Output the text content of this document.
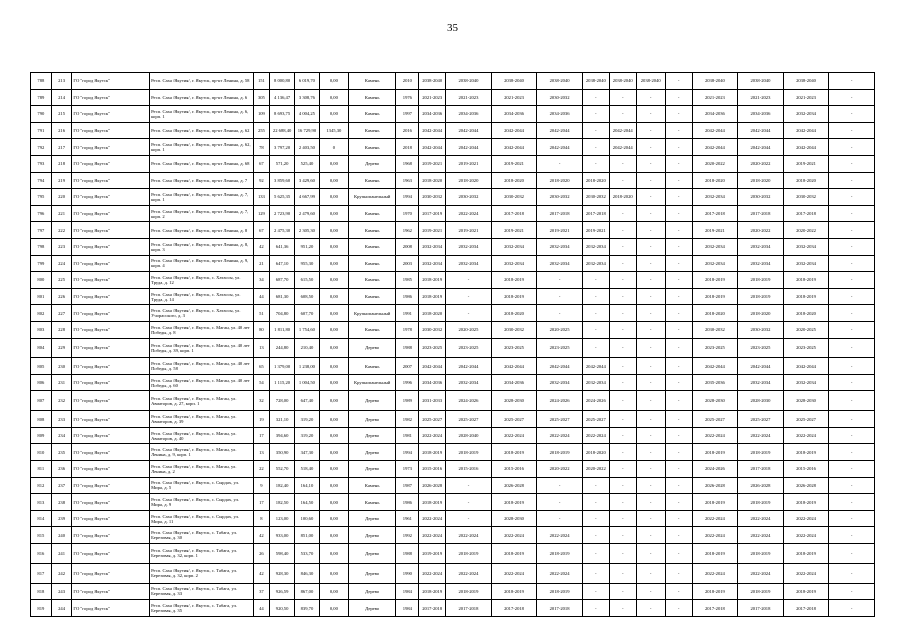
35
788	213	ГО "город Якутск"	Респ. Саха /Якутия/, г. Якутск, пр-кт Ленина, д. 58	151	8 000,80	6 019,70	0,00	Камень	2010	2038-2040	2038-2040	2038-2040	2038-2040	2038-2040	2038-2040	2038-2040	-	2038-2040	2038-2040	2038-2040	-
789	214	ГО "город Якутск"	Респ. Саха /Якутия/, г. Якутск, пр-кт Ленина, д. 6	305	4 136,47	3 308,76	0,00	Камень	1976	2021-2023	2021-2023	2021-2023	2030-2032	-	-	-	-	2021-2023	2021-2023	2021-2023	-
790	215	ГО "город Якутск"	Респ. Саха /Якутия/, г. Якутск, пр-кт Ленина, д. 6, корп. 1	109	8 693,75	4 004,25	0,00	Камень	1997	2034-2036	2034-2036	2034-2036	2034-2036	-	-	-	-	2034-2036	2034-2036	2032-2034	-
791	216	ГО "город Якутск"	Респ. Саха /Якутия/, г. Якутск, пр-кт Ленина, д. 62	255	22 688,40	16 729,90	1345,30	Камень	2016	2042-2044	2042-2044	2042-2044	2042-2044	-	2042-2044	-	-	2042-2044	2042-2044	2042-2044	-
792	217	ГО "город Якутск"	Респ. Саха /Якутия/, г. Якутск, пр-кт Ленина, д. 62, корп. 1	78	3 797,20	2 403,50	0	Камень	2018	2042-2044	2042-2044	2042-2044	2042-2044	-	2042-2044	-	-	2042-2044	2042-2044	2042-2044	-
793	218	ГО "город Якутск"	Респ. Саха /Якутия/, г. Якутск, пр-кт Ленина, д. 68	67	571,20	525,40	0,00	Дерево	1968	2019-2021	2019-2021	2019-2021	-	-	-	-	-	2020-2022	2020-2022	2019-2021	-
794	219	ГО "город Якутск"	Респ. Саха /Якутия/, г. Якутск, пр-кт Ленина, д. 7	92	3 859,60	3 429,60	0,00	Камень	1963	2018-2020	2018-2020	2018-2020	2018-2020	2018-2020	-	-	-	2018-2020	2018-2020	2018-2020	-
795	220	ГО "город Якутск"	Респ. Саха /Якутия/, г. Якутск, пр-кт Ленина, д. 7, корп. 1	133	5 625,35	4 667,99	0,00	Крупнопанельный	1994	2030-2032	2030-2032	2030-2032	2030-2032	2030-2032	2018-2020	-	-	2032-2034	2030-2032	2030-2032	-
796	221	ГО "город Якутск"	Респ. Саха /Якутия/, г. Якутск, пр-кт Ленина, д. 7, корп. 2	129	2 723,90	2 479,60	0,00	Камень	1970	2017-2019	2022-2024	2017-2018	2017-2018	2017-2018	-	-	-	2017-2018	2017-2018	2017-2018	-
797	222	ГО "город Якутск"	Респ. Саха /Якутия/, г. Якутск, пр-кт Ленина, д. 8	67	2 475,30	2 305,30	0,00	Камень	1962	2019-2021	2019-2021	2019-2021	2019-2021	2019-2021	-	-	-	2019-2021	2020-2022	2020-2022	-
798	223	ГО "город Якутск"	Респ. Саха /Якутия/, г. Якутск, пр-кт Ленина, д. 8, корп. 3	42	641,36	951,20	0,00	Камень	2008	2032-2034	2032-2034	2032-2034	2032-2034	2032-2034	-	-	-	2032-2034	2032-2034	2032-2034	-
799	224	ГО "город Якутск"	Респ. Саха /Якутия/, г. Якутск, пр-кт Ленина, д. 9, корп. 4	21	647,10	955,30	0,00	Камень	2003	2032-2034	2032-2034	2032-2034	2032-2034	2032-2034	-	-	-	2032-2034	2032-2034	2032-2034	-
800	225	ГО "город Якутск"	Респ. Саха /Якутия/, г. Якутск, с. Хатассы, ул. Трудa, д. 12	34	687,70	615,50	0,00	Камень	1985	2018-2019	-	2018-2019	-	-	-	-	-	2018-2019	2018-2019	2018-2019	-
801	226	ГО "город Якутск"	Респ. Саха /Якутия/, г. Якутск, с. Хатассы, ул. Трудa, д. 14	44	681,30	608,50	0,00	Камень	1986	2018-2019	-	2018-2019	-	-	-	-	-	2018-2019	2018-2019	2018-2019	-
802	227	ГО "город Якутск"	Респ. Саха /Якутия/, г. Якутск, с. Хатассы, ул. Учорасского, д. 3	51	704,80	607,70	0,00	Крупнопанельный	1991	2018-2020	-	2018-2020	-	-	-	-	-	2018-2020	2018-2020	2018-2020	-
803	228	ГО "город Якутск"	Респ. Саха /Якутия/, г. Якутск, с. Маган, ул. 40 лет Победы, д. 8	80	1 811,80	1 754,60	0,00	Камень	1978	2030-2032	2020-2025	2030-2032	2020-2025	-	-	-	-	2030-2032	2030-2032	2020-2025	-
804	229	ГО "город Якутск"	Респ. Саха /Якутия/, г. Якутск, с. Маган, ул. 40 лет Победы, д. 39, корп. 1	13	244,80	210,40	0,00	Дерево	1988	2023-2025	2023-2025	2023-2025	2023-2025	-	-	-	-	2023-2025	2023-2025	2023-2025	-
805	230	ГО "город Якутск"	Респ. Саха /Якутия/, г. Якутск, с. Маган, ул. 40 лет Победы, д. 58	65	1 379,00	1 238,00	0,00	Камень	2007	2042-2044	2042-2044	2042-2044	2042-2044	2042-2044	-	-	-	2042-2044	2042-2044	2042-2044	-
806	231	ГО "город Якутск"	Респ. Саха /Якутия/, г. Якутск, с. Маган, ул. 40 лет Победы, д. 60	54	1 115,20	1 004,50	0,00	Крупнопанельный	1996	2034-2036	2032-2034	2034-2036	2032-2034	2032-2034	-	-	-	2035-2036	2032-2034	2032-2034	-
807	232	ГО "город Якутск"	Респ. Саха /Якутия/, г. Якутск, с. Маган, ул. Авиаторов, д. 27, корп. 1	32	728,00	647,40	0,00	Дерево	1989	2031-2033	2024-2026	2028-2030	2024-2026	2024-2026	-	-	-	2028-2030	2028-2030	2028-2030	-
808	233	ГО "город Якутск"	Респ. Саха /Якутия/, г. Якутск, с. Маган, ул. Авиаторов, д. 39	19	321,10	319,20	0,00	Дерево	1982	2025-2027	2025-2027	2025-2027	2025-2027	2025-2027	-	-	-	2025-2027	2025-2027	2025-2027	-
809	234	ГО "город Якутск"	Респ. Саха /Якутия/, г. Якутск, с. Маган, ул. Авиаторов, д. 40	17	394,60	319,20	0,00	Дерево	1981	2022-2024	2028-2040	2022-2024	2022-2024	2022-2024	-	-	-	2022-2024	2022-2024	2022-2024	-
810	235	ГО "город Якутск"	Респ. Саха /Якутия/, г. Якутск, с. Маган, ул. Ленина, д. 9, корп. 1	13	350,90	347,30	0,00	Дерево	1994	2018-2019	2018-2019	2018-2019	2018-2019	2018-2020	-	-	-	2018-2019	2018-2019	2018-2019	-
811	236	ГО "город Якутск"	Респ. Саха /Якутия/, г. Якутск, с. Маган, ул. Ленина, д. 2	22	552,70	518,40	0,00	Дерево	1973	2015-2016	2015-2016	2015-2016	2020-2022	2020-2022	-	-	-	2024-2026	2017-2018	2015-2016	-
812	237	ГО "город Якутск"	Респ. Саха /Якутия/, г. Якутск, с. Сырдах, ул. Мира, д. 5	9	182,40	164,10	0,00	Камень	1987	2026-2028	-	2026-2028	-	-	-	-	-	2026-2028	2026-2028	2026-2028	-
813	238	ГО "город Якутск"	Респ. Саха /Якутия/, г. Якутск, с. Сырдах, ул. Мира, д. 9	17	182,50	164,50	0,00	Камень	1986	2018-2019	-	2018-2019	-	-	-	-	-	2018-2019	2018-2019	2018-2019	-
814	239	ГО "город Якутск"	Респ. Саха /Якутия/, г. Якутск, с. Сырдах, ул. Мира, д. 11	8	123,00	100,60	0,00	Дерево	1961	2022-2024	-	2028-2030	-	-	-	-	-	2022-2024	2022-2024	2022-2024	-
815	240	ГО "город Якутск"	Респ. Саха /Якутия/, г. Якутск, с. Табага, ул. Березовая, д. 30	42	933,00	851,00	0,00	Дерево	1992	2022-2024	2022-2024	2022-2024	2022-2024	-	-	-	-	2022-2024	2022-2024	2022-2024	-
816	241	ГО "город Якутск"	Респ. Саха /Якутия/, г. Якутск, с. Табага, ул. Березовая, д. 32, корп. 1	26	598,40	533,70	0,00	Дерево	1988	2019-2019	2018-2019	2018-2019	2018-2019	-	-	-	-	2018-2019	2018-2019	2018-2019	-
817	242	ГО "город Якутск"	Респ. Саха /Якутия/, г. Якутск, с. Табага, ул. Березовая, д. 32, корп. 2	42	928,30	846,30	0,00	Дерево	1990	2022-2024	2022-2024	2022-2024	2022-2024	-	-	-	-	2022-2024	2022-2024	2022-2024	-
818	243	ГО "город Якутск"	Респ. Саха /Якутия/, г. Якутск, с. Табага, ул. Березовая, д. 33	37	926,59	867,00	0,00	Дерево	1984	2018-2019	2018-2019	2018-2019	2018-2019	-	-	-	-	2018-2019	2018-2019	2018-2019	-
819	244	ГО "город Якутск"	Респ. Саха /Якутия/, г. Якутск, с. Табага, ул. Березовая, д. 35	44	920,50	839,70	0,00	Дерево	1984	2017-2018	2017-2018	2017-2018	2017-2018	-	-	-	-	2017-2018	2017-2018	2017-2018	-
